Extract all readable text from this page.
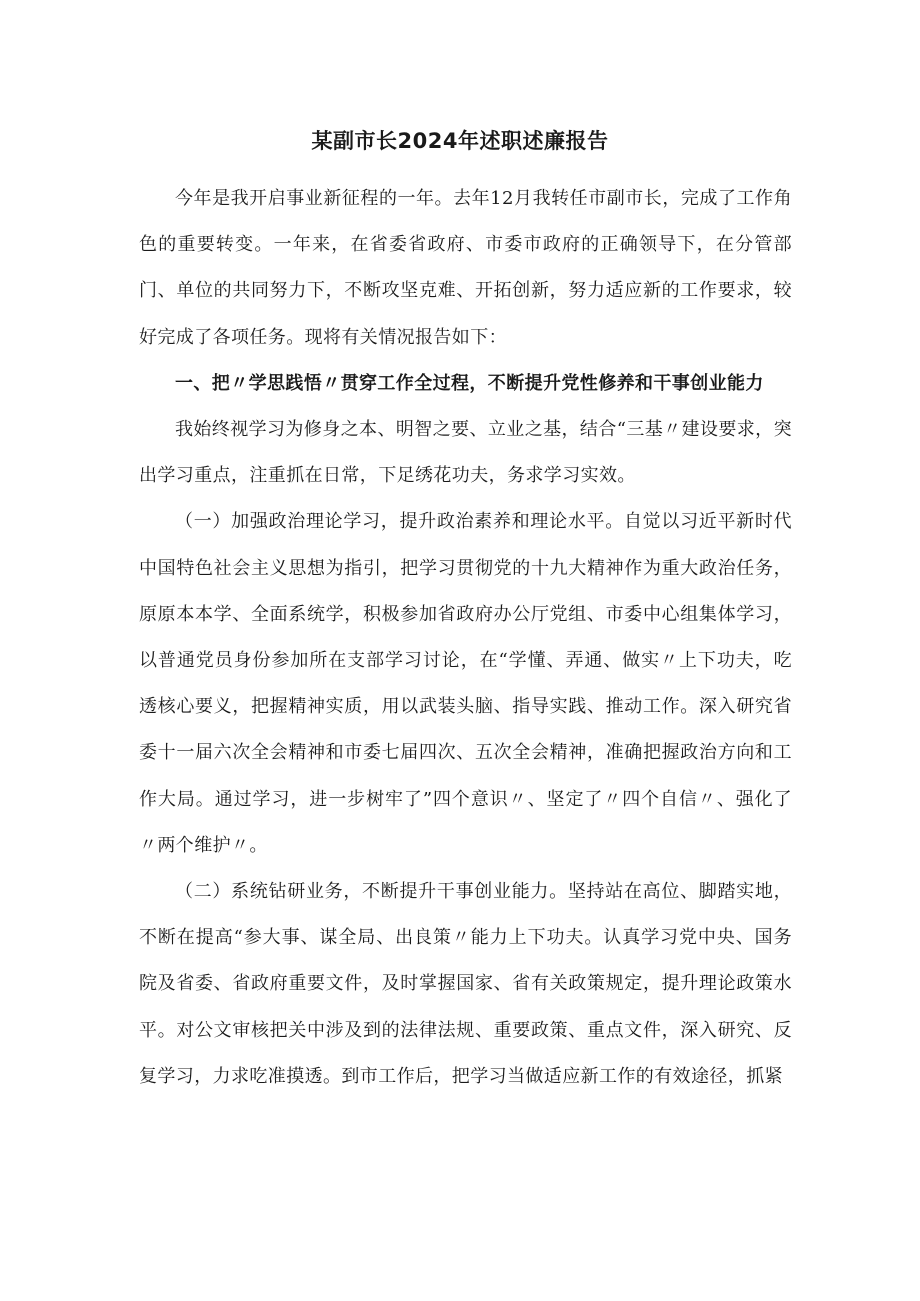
某副市长2024年述职述廉报告

今年是我开启事业新征程的一年。去年12月我转任市副市长，完成了工作角色的重要转变。一年来，在省委省政府、市委市政府的正确领导下，在分管部门、单位的共同努力下，不断攻坚克难、开拓创新，努力适应新的工作要求，较好完成了各项任务。现将有关情况报告如下：

一、把〃学思践悟〃贯穿工作全过程，不断提升党性修养和干事创业能力

我始终视学习为修身之本、明智之要、立业之基，结合“三基〃建设要求，突出学习重点，注重抓在日常，下足绣花功夫，务求学习实效。

（一）加强政治理论学习，提升政治素养和理论水平。自觉以习近平新时代中国特色社会主义思想为指引，把学习贯彻党的十九大精神作为重大政治任务，原原本本学、全面系统学，积极参加省政府办公厅党组、市委中心组集体学习，以普通党员身份参加所在支部学习讨论，在“学懂、弄通、做实〃上下功夫，吃透核心要义，把握精神实质，用以武装头脑、指导实践、推动工作。深入研究省委十一届六次全会精神和市委七届四次、五次全会精神，准确把握政治方向和工作大局。通过学习，进一步树牢了”四个意识〃、坚定了〃四个自信〃、强化了〃两个维护〃。

（二）系统钻研业务，不断提升干事创业能力。坚持站在高位、脚踏实地，不断在提高“参大事、谋全局、出良策〃能力上下功夫。认真学习党中央、国务院及省委、省政府重要文件，及时掌握国家、省有关政策规定，提升理论政策水平。对公文审核把关中涉及到的法律法规、重要政策、重点文件，深入研究、反复学习，力求吃准摸透。到市工作后，把学习当做适应新工作的有效途径，抓紧
